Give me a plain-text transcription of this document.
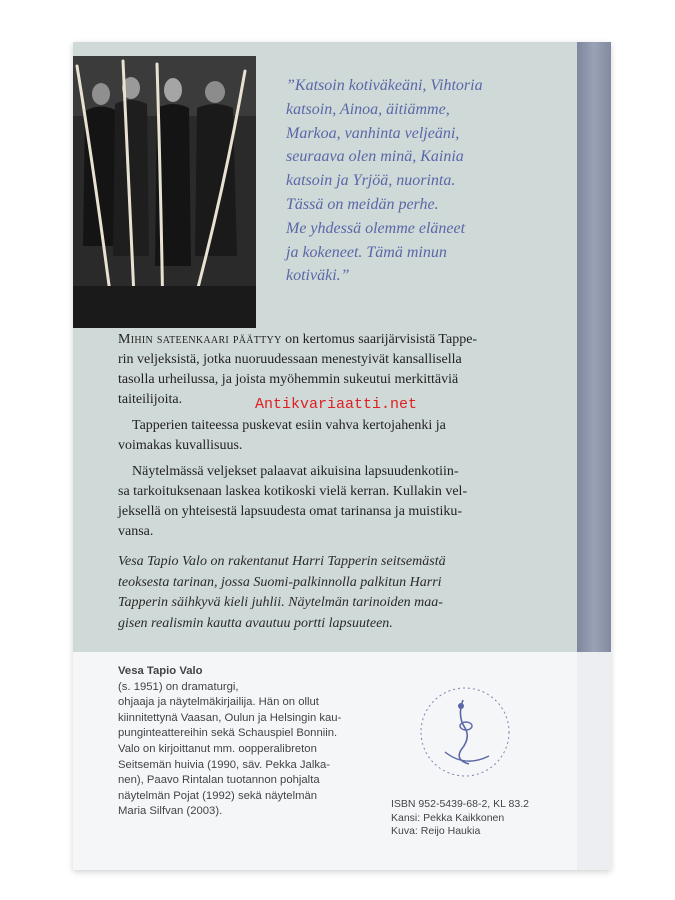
”Katsoin kotiväkeäni, Vihtoria
katsoin, Ainoa, äitiämme,
Markoa, vanhinta veljeäni,
seuraava olen minä, Kainia
katsoin ja Yrjöä, nuorinta.
Tässä on meidän perhe.
Me yhdessä olemme eläneet
ja kokeneet. Tämä minun
kotiväki.”

Mihin sateenkaari päättyy on kertomus saarijärvisistä Tappe-
rin veljeksistä, jotka nuoruudessaan menestyivät kansallisella
tasolla urheilussa, ja joista myöhemmin sukeutui merkittäviä
taiteilijoita.

Tapperien taiteessa puskevat esiin vahva kertojahenki ja
voimakas kuvallisuus.

Näytelmässä veljekset palaavat aikuisina lapsuudenkotiin-
sa tarkoituksenaan laskea kotikoski vielä kerran. Kullakin vel-
jeksellä on yhteisestä lapsuudesta omat tarinansa ja muistiku-
vansa.

Antikvariaatti.net
Vesa Tapio Valo on rakentanut Harri Tapperin seitsemästä
teoksesta tarinan, jossa Suomi-palkinnolla palkitun Harri
Tapperin säihkyvä kieli juhlii. Näytelmän tarinoiden maa-
gisen realismin kautta avautuu portti lapsuuteen.
Vesa Tapio Valo
(s. 1951) on dramaturgi,
ohjaaja ja näytelmäkirjailija. Hän on ollut
kiinnitettynä Vaasan, Oulun ja Helsingin kau-
punginteattereihin sekä Schauspiel Bonniin.
Valo on kirjoittanut mm. oopperalibreton
Seitsemän huivia (1990, säv. Pekka Jalka-
nen), Paavo Rintalan tuotannon pohjalta
näytelmän Pojat (1992) sekä näytelmän
Maria Silfvan (2003).
ISBN 952-5439-68-2, KL 83.2
Kansi: Pekka Kaikkonen
Kuva: Reijo Haukia
